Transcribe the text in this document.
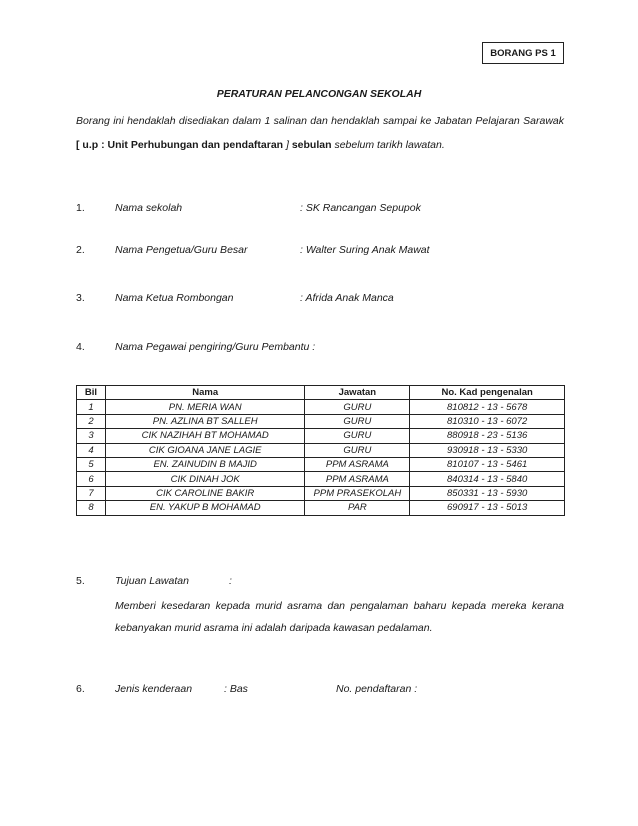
BORANG PS 1
PERATURAN PELANCONGAN SEKOLAH
Borang ini hendaklah disediakan dalam 1 salinan dan hendaklah sampai ke Jabatan Pelajaran Sarawak [ u.p : Unit Perhubungan dan pendaftaran ] sebulan sebelum tarikh lawatan.
1.	Nama sekolah	: SK Rancangan Sepupok
2.	Nama Pengetua/Guru Besar	: Walter Suring Anak Mawat
3.	Nama Ketua Rombongan	: Afrida Anak Manca
4.	Nama Pegawai pengiring/Guru Pembantu :
Bil	Nama	Jawatan	No. Kad pengenalan
1	PN. MERIA WAN	GURU	810812 - 13 - 5678
2	PN. AZLINA BT SALLEH	GURU	810310 - 13 - 6072
3	CIK NAZIHAH BT MOHAMAD	GURU	880918 - 23 - 5136
4	CIK GIOANA JANE LAGIE	GURU	930918 - 13 - 5330
5	EN. ZAINUDIN B MAJID	PPM ASRAMA	810107 - 13 - 5461
6	CIK DINAH JOK	PPM ASRAMA	840314 - 13 - 5840
7	CIK CAROLINE BAKIR	PPM PRASEKOLAH	850331 - 13 - 5930
8	EN. YAKUP B MOHAMAD	PAR	690917 - 13 - 5013
5.	Tujuan Lawatan	:
Memberi kesedaran kepada murid asrama dan pengalaman baharu kepada mereka kerana kebanyakan murid asrama ini adalah daripada kawasan pedalaman.
6.	Jenis kenderaan	: Bas	No. pendaftaran :
